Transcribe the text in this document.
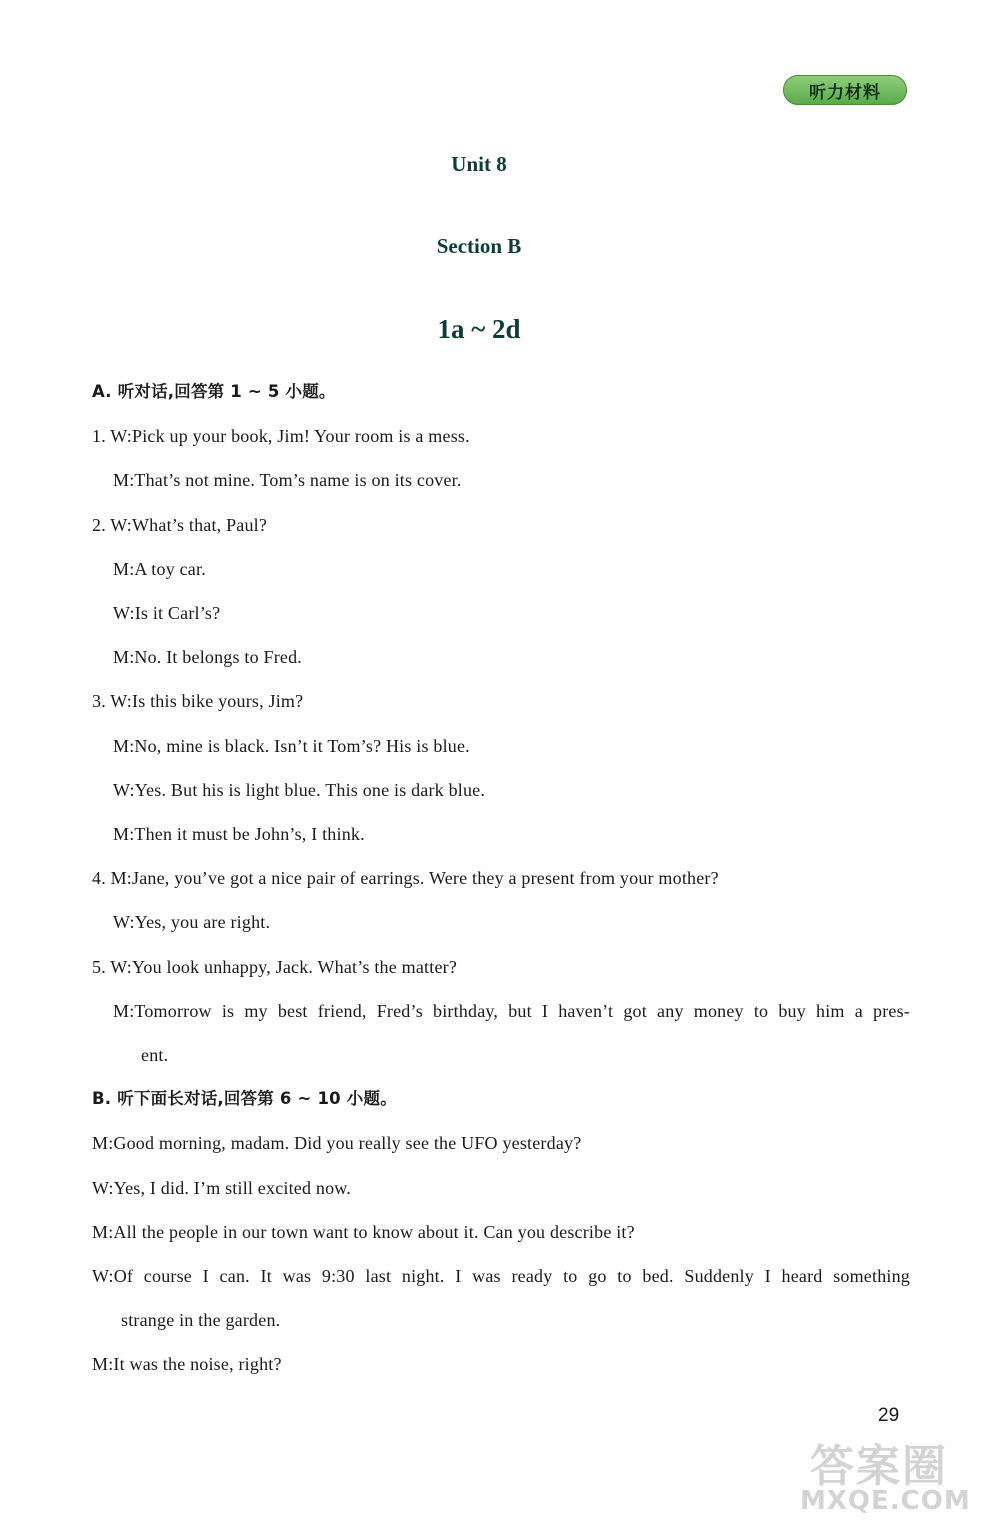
听力材料
Unit 8
Section B
1a ~ 2d
A. 听对话,回答第 1 ~ 5 小题。
1. W:Pick up your book, Jim! Your room is a mess.
M:That’s not mine. Tom’s name is on its cover.
2. W:What’s that, Paul?
M:A toy car.
W:Is it Carl’s?
M:No. It belongs to Fred.
3. W:Is this bike yours, Jim?
M:No, mine is black. Isn’t it Tom’s? His is blue.
W:Yes. But his is light blue. This one is dark blue.
M:Then it must be John’s, I think.
4. M:Jane, you’ve got a nice pair of earrings. Were they a present from your mother?
W:Yes, you are right.
5. W:You look unhappy, Jack. What’s the matter?
M:Tomorrow is my best friend, Fred’s birthday, but I haven’t got any money to buy him a pres-
ent.
B. 听下面长对话,回答第 6 ~ 10 小题。
M:Good morning, madam. Did you really see the UFO yesterday?
W:Yes, I did. I’m still excited now.
M:All the people in our town want to know about it. Can you describe it?
W:Of course I can. It was 9:30 last night. I was ready to go to bed. Suddenly I heard something
strange in the garden.
M:It was the noise, right?
29
答案圈
MXQE.COM
